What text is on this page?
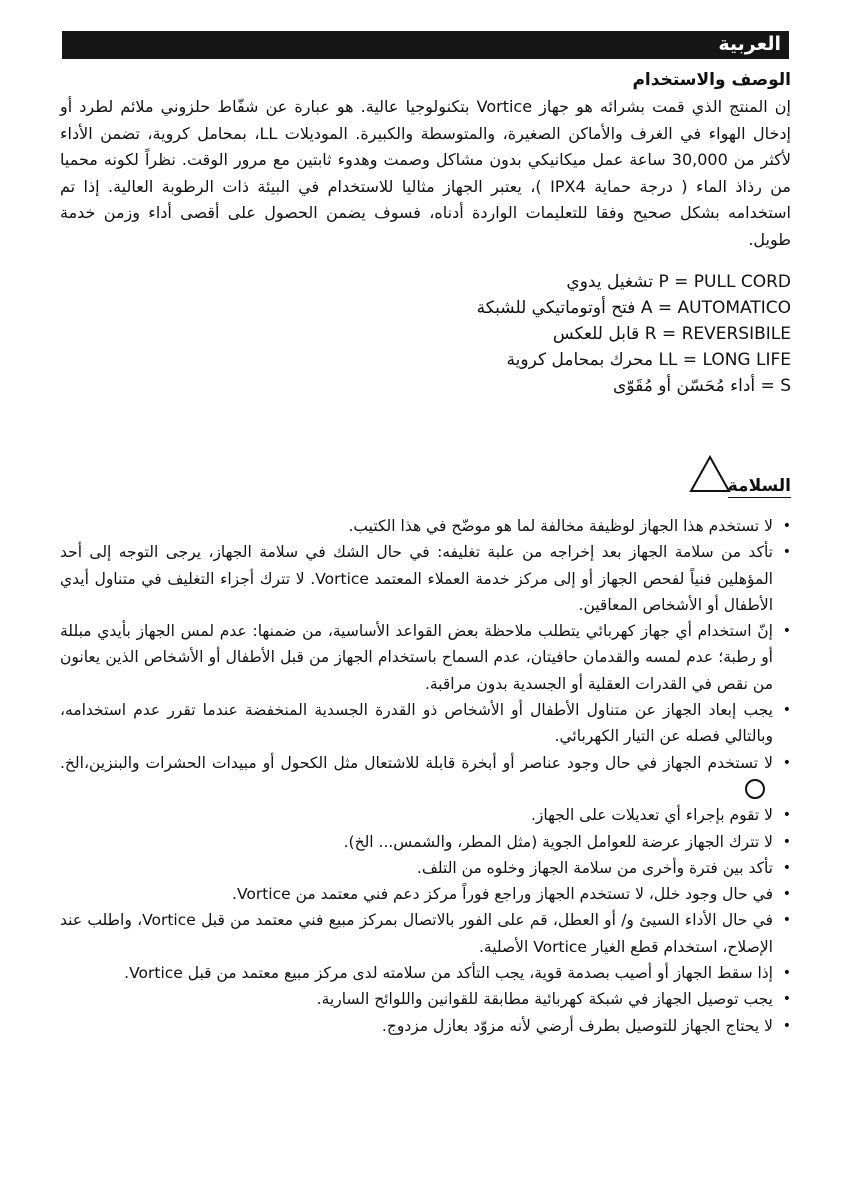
العربية
الوصف والاستخدام

إن المنتج الذي قمت بشرائه هو جهاز Vortice بتكنولوجيا عالية. هو عبارة عن شفّاط حلزوني ملائم لطرد أو إدخال الهواء في الغرف والأماكن الصغيرة، والمتوسطة والكبيرة. الموديلات LL، بمحامل كروية، تضمن الأداء لأكثر من 30,000 ساعة عمل ميكانيكي بدون مشاكل وصمت وهدوء ثابتين مع مرور الوقت. نظراً لكونه محميا من رذاذ الماء ( درجة حماية IPX4 )، يعتبر الجهاز مثاليا للاستخدام في البيئة ذات الرطوبة العالية. إذا تم استخدامه بشكل صحيح وفقا للتعليمات الواردة أدناه، فسوف يضمن الحصول على أقصى أداء وزمن خدمة طويل.

P = PULL CORD تشغيل يدوي
A = AUTOMATICO فتح أوتوماتيكي للشبكة
R = REVERSIBILE قابل للعكس
LL = LONG LIFE محرك بمحامل كروية
S = أداء مُحَسّن أو مُقَوّى
السلامة
• لا تستخدم هذا الجهاز لوظيفة مخالفة لما هو موضّح في هذا الكتيب.
• تأكد من سلامة الجهاز بعد إخراجه من علبة تغليفه: في حال الشك في سلامة الجهاز، يرجى التوجه إلى أحد المؤهلين فنياً لفحص الجهاز أو إلى مركز خدمة العملاء المعتمد Vortice. لا تترك أجزاء التغليف في متناول أيدي الأطفال أو الأشخاص المعاقين.
• إنّ استخدام أي جهاز كهربائي يتطلب ملاحظة بعض القواعد الأساسية، من ضمنها: عدم لمس الجهاز بأيدي مبللة أو رطبة؛ عدم لمسه والقدمان حافيتان، عدم السماح باستخدام الجهاز من قبل الأطفال أو الأشخاص الذين يعانون من نقص في القدرات العقلية أو الجسدية بدون مراقبة.
• يجب إبعاد الجهاز عن متناول الأطفال أو الأشخاص ذو القدرة الجسدية المنخفضة عندما تقرر عدم استخدامه، وبالتالي فصله عن التيار الكهربائي.
• لا تستخدم الجهاز في حال وجود عناصر أو أبخرة قابلة للاشتعال مثل الكحول أو مبيدات الحشرات والبنزين،الخ.
• لا تقوم بإجراء أي تعديلات على الجهاز.
• لا تترك الجهاز عرضة للعوامل الجوية (مثل المطر، والشمس... الخ).
• تأكد بين فترة وأخرى من سلامة الجهاز وخلوه من التلف.
• في حال وجود خلل، لا تستخدم الجهاز وراجع فوراً مركز دعم فني معتمد من Vortice.
• في حال الأداء السيئ و/ أو العطل، قم على الفور بالاتصال بمركز مبيع فني معتمد من قبل Vortice، واطلب عند الإصلاح، استخدام قطع الغيار Vortice الأصلية.
• إذا سقط الجهاز أو أصيب بصدمة قوية، يجب التأكد من سلامته لدى مركز مبيع معتمد من قبل Vortice.
• يجب توصيل الجهاز في شبكة كهربائية مطابقة للقوانين واللوائح السارية.
• لا يحتاج الجهاز للتوصيل بطرف أرضي لأنه مزوّد بعازل مزدوج.
